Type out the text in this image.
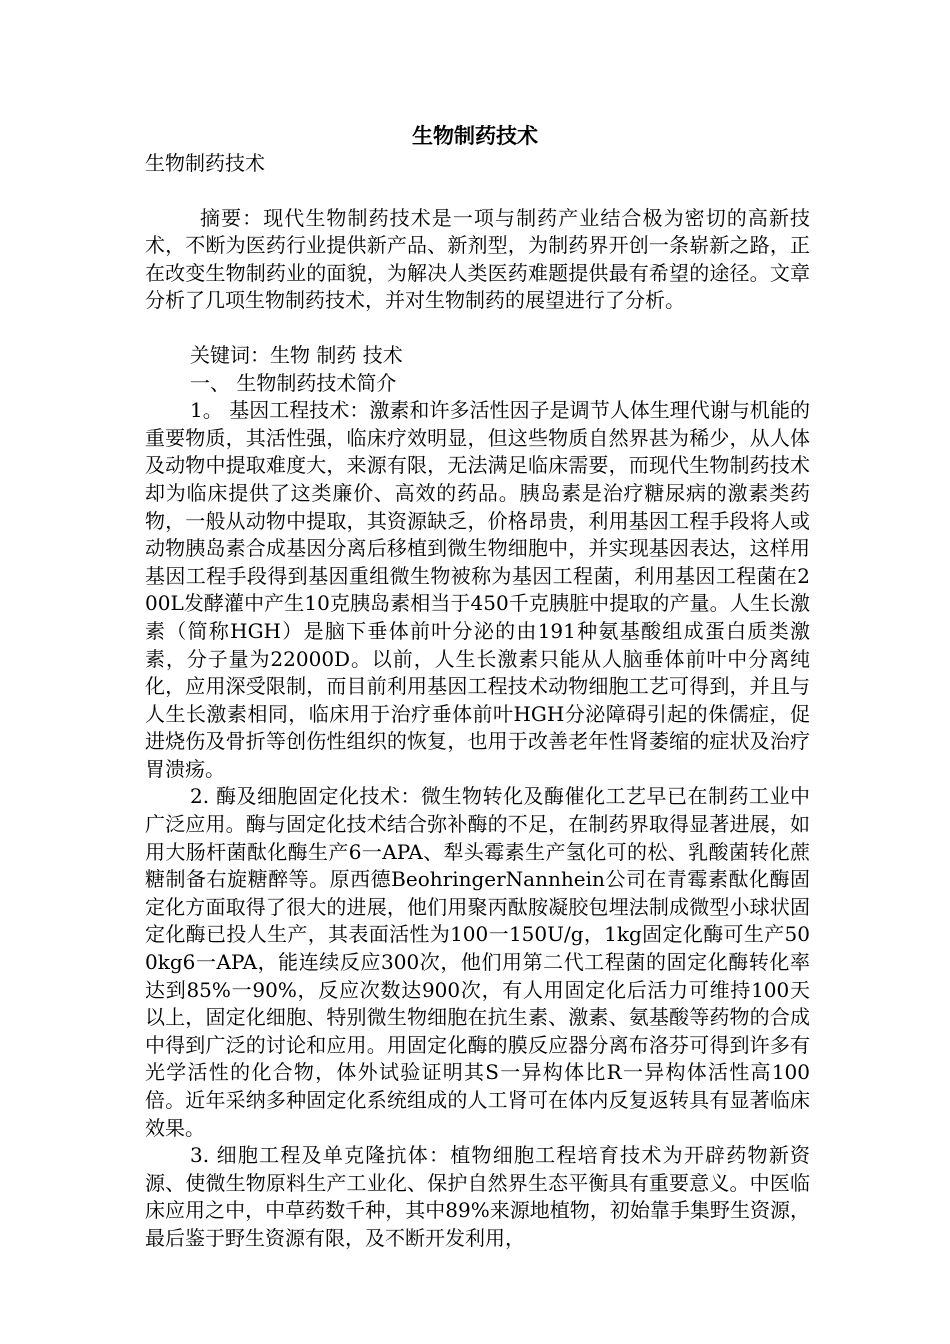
生物制药技术

生物制药技术

摘要：现代生物制药技术是一项与制药产业结合极为密切的高新技术，不断为医药行业提供新产品、新剂型，为制药界开创一条崭新之路，正在改变生物制药业的面貌，为解决人类医药难题提供最有希望的途径。文章分析了几项生物制药技术，并对生物制药的展望进行了分析。

关键词：生物 制药 技术

一、 生物制药技术简介

1。 基因工程技术：激素和许多活性因子是调节人体生理代谢与机能的重要物质，其活性强，临床疗效明显，但这些物质自然界甚为稀少，从人体及动物中提取难度大，来源有限，无法满足临床需要，而现代生物制药技术却为临床提供了这类廉价、高效的药品。胰岛素是治疗糖尿病的激素类药物，一般从动物中提取，其资源缺乏，价格昂贵，利用基因工程手段将人或动物胰岛素合成基因分离后移植到微生物细胞中，并实现基因表达，这样用基因工程手段得到基因重组微生物被称为基因工程菌，利用基因工程菌在200L发酵灌中产生10克胰岛素相当于450千克胰脏中提取的产量。人生长激素（简称HGH）是脑下垂体前叶分泌的由191种氨基酸组成蛋白质类激素，分子量为22000D。以前，人生长激素只能从人脑垂体前叶中分离纯化，应用深受限制，而目前利用基因工程技术动物细胞工艺可得到，并且与人生长激素相同，临床用于治疗垂体前叶HGH分泌障碍引起的侏儒症，促进烧伤及骨折等创伤性组织的恢复，也用于改善老年性肾萎缩的症状及治疗胃溃疡。

2. 酶及细胞固定化技术：微生物转化及酶催化工艺早已在制药工业中广泛应用。酶与固定化技术结合弥补酶的不足，在制药界取得显著进展，如用大肠杆菌酞化酶生产6一APA、犁头霉素生产氢化可的松、乳酸菌转化蔗糖制备右旋糖醉等。原西德BeohringerNannhein公司在青霉素酞化酶固定化方面取得了很大的进展，他们用聚丙酞胺凝胶包埋法制成微型小球状固定化酶已投人生产，其表面活性为100一150U/g，1kg固定化酶可生产500kg6一APA，能连续反应300次，他们用第二代工程菌的固定化酶转化率达到85%一90%，反应次数达900次，有人用固定化后活力可维持100天以上，固定化细胞、特别微生物细胞在抗生素、激素、氨基酸等药物的合成中得到广泛的讨论和应用。用固定化酶的膜反应器分离布洛芬可得到许多有光学活性的化合物，体外试验证明其S一异构体比R一异构体活性高100倍。近年采纳多种固定化系统组成的人工肾可在体内反复返转具有显著临床效果。

3. 细胞工程及单克隆抗体：植物细胞工程培育技术为开辟药物新资源、使微生物原料生产工业化、保护自然界生态平衡具有重要意义。中医临床应用之中，中草药数千种，其中89%来源地植物，初始靠手集野生资源，最后鉴于野生资源有限，及不断开发利用，
